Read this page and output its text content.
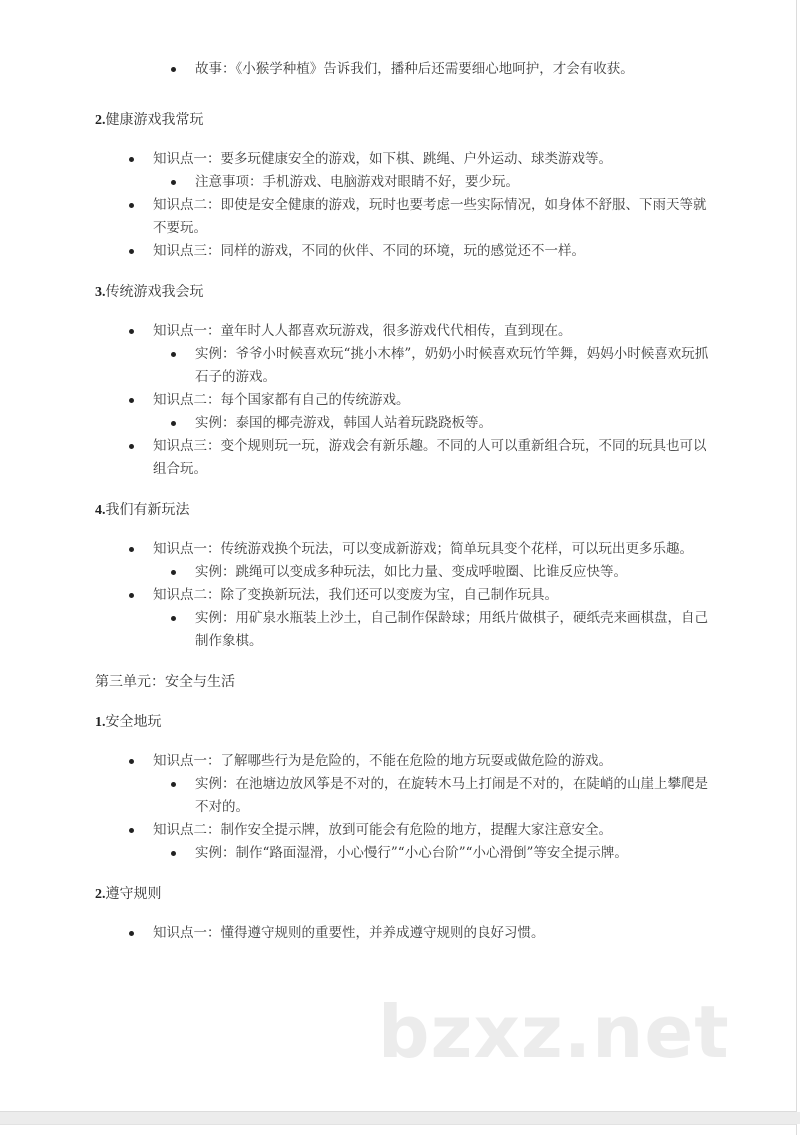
故事：《小猴学种植》告诉我们，播种后还需要细心地呵护，才会有收获。

2.健康游戏我常玩

知识点一：要多玩健康安全的游戏，如下棋、跳绳、户外运动、球类游戏等。
注意事项：手机游戏、电脑游戏对眼睛不好，要少玩。
知识点二：即使是安全健康的游戏，玩时也要考虑一些实际情况，如身体不舒服、下雨天等就不要玩。
知识点三：同样的游戏，不同的伙伴、不同的环境，玩的感觉还不一样。

3.传统游戏我会玩

知识点一：童年时人人都喜欢玩游戏，很多游戏代代相传，直到现在。
实例：爷爷小时候喜欢玩“挑小木棒”，奶奶小时候喜欢玩竹竿舞，妈妈小时候喜欢玩抓石子的游戏。
知识点二：每个国家都有自己的传统游戏。
实例：泰国的椰壳游戏，韩国人站着玩跷跷板等。
知识点三：变个规则玩一玩，游戏会有新乐趣。不同的人可以重新组合玩，不同的玩具也可以组合玩。

4.我们有新玩法

知识点一：传统游戏换个玩法，可以变成新游戏；简单玩具变个花样，可以玩出更多乐趣。
实例：跳绳可以变成多种玩法，如比力量、变成呼啦圈、比谁反应快等。
知识点二：除了变换新玩法，我们还可以变废为宝，自己制作玩具。
实例：用矿泉水瓶装上沙土，自己制作保龄球；用纸片做棋子，硬纸壳来画棋盘，自己制作象棋。

第三单元：安全与生活

1.安全地玩

知识点一：了解哪些行为是危险的，不能在危险的地方玩耍或做危险的游戏。
实例：在池塘边放风筝是不对的，在旋转木马上打闹是不对的，在陡峭的山崖上攀爬是不对的。
知识点二：制作安全提示牌，放到可能会有危险的地方，提醒大家注意安全。
实例：制作“路面湿滑，小心慢行”“小心台阶”“小心滑倒”等安全提示牌。

2.遵守规则

知识点一：懂得遵守规则的重要性，并养成遵守规则的良好习惯。
bzxz.net
